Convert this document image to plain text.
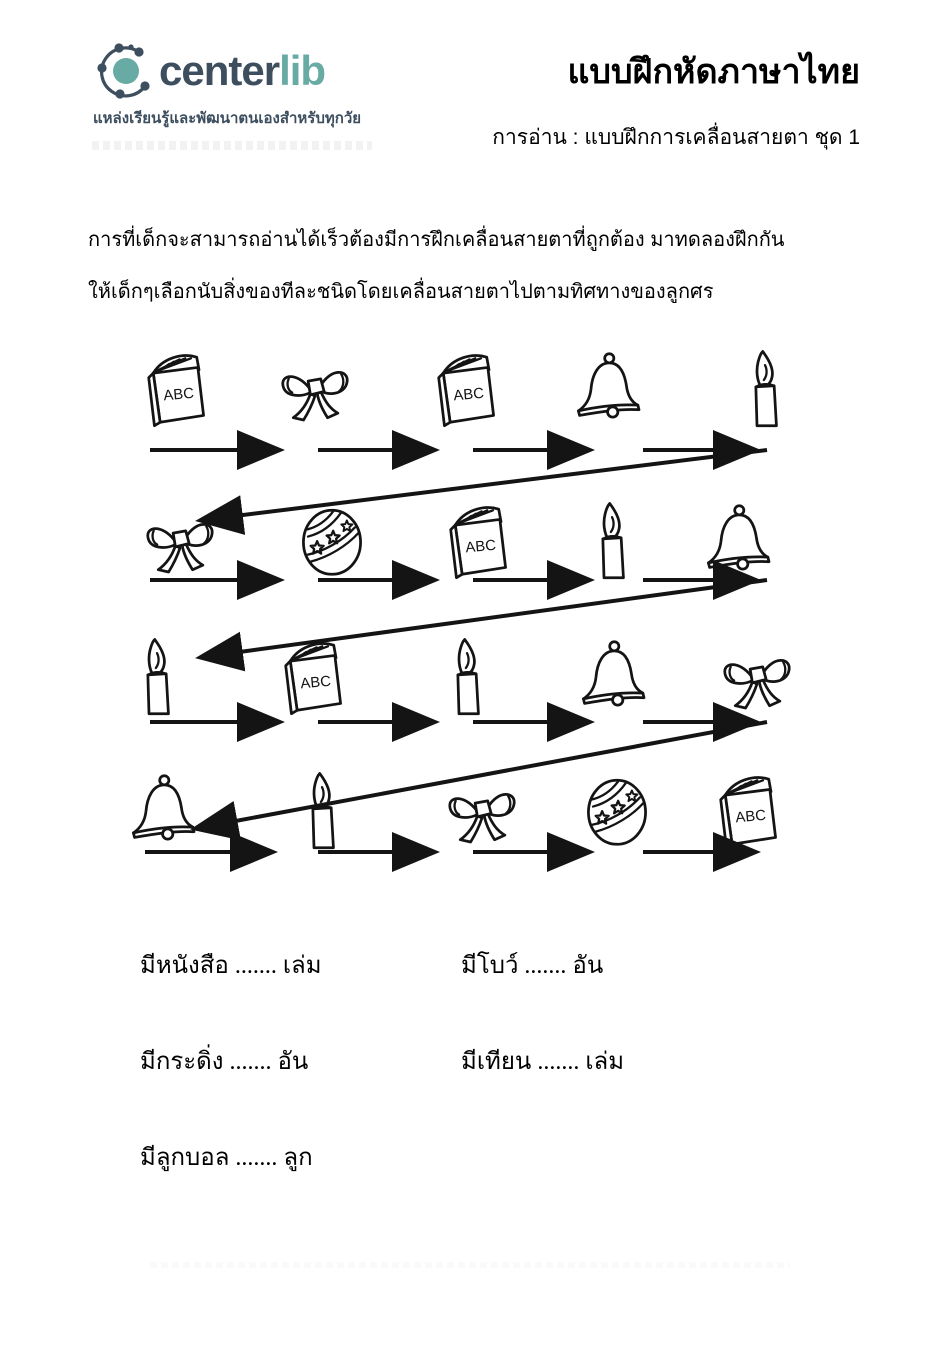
centerlib
แหล่งเรียนรู้และพัฒนาตนเองสำหรับทุกวัย
แบบฝึกหัดภาษาไทย
การอ่าน : แบบฝึกการเคลื่อนสายตา ชุด 1
การที่เด็กจะสามารถอ่านได้เร็วต้องมีการฝึกเคลื่อนสายตาที่ถูกต้อง มาทดลองฝึกกัน
ให้เด็กๆเลือกนับสิ่งของทีละชนิดโดยเคลื่อนสายตาไปตามทิศทางของลูกศร
มีหนังสือ ....... เล่ม	มีโบว์ ....... อัน
มีกระดิ่ง ....... อัน	มีเทียน ....... เล่ม
มีลูกบอล ....... ลูก
